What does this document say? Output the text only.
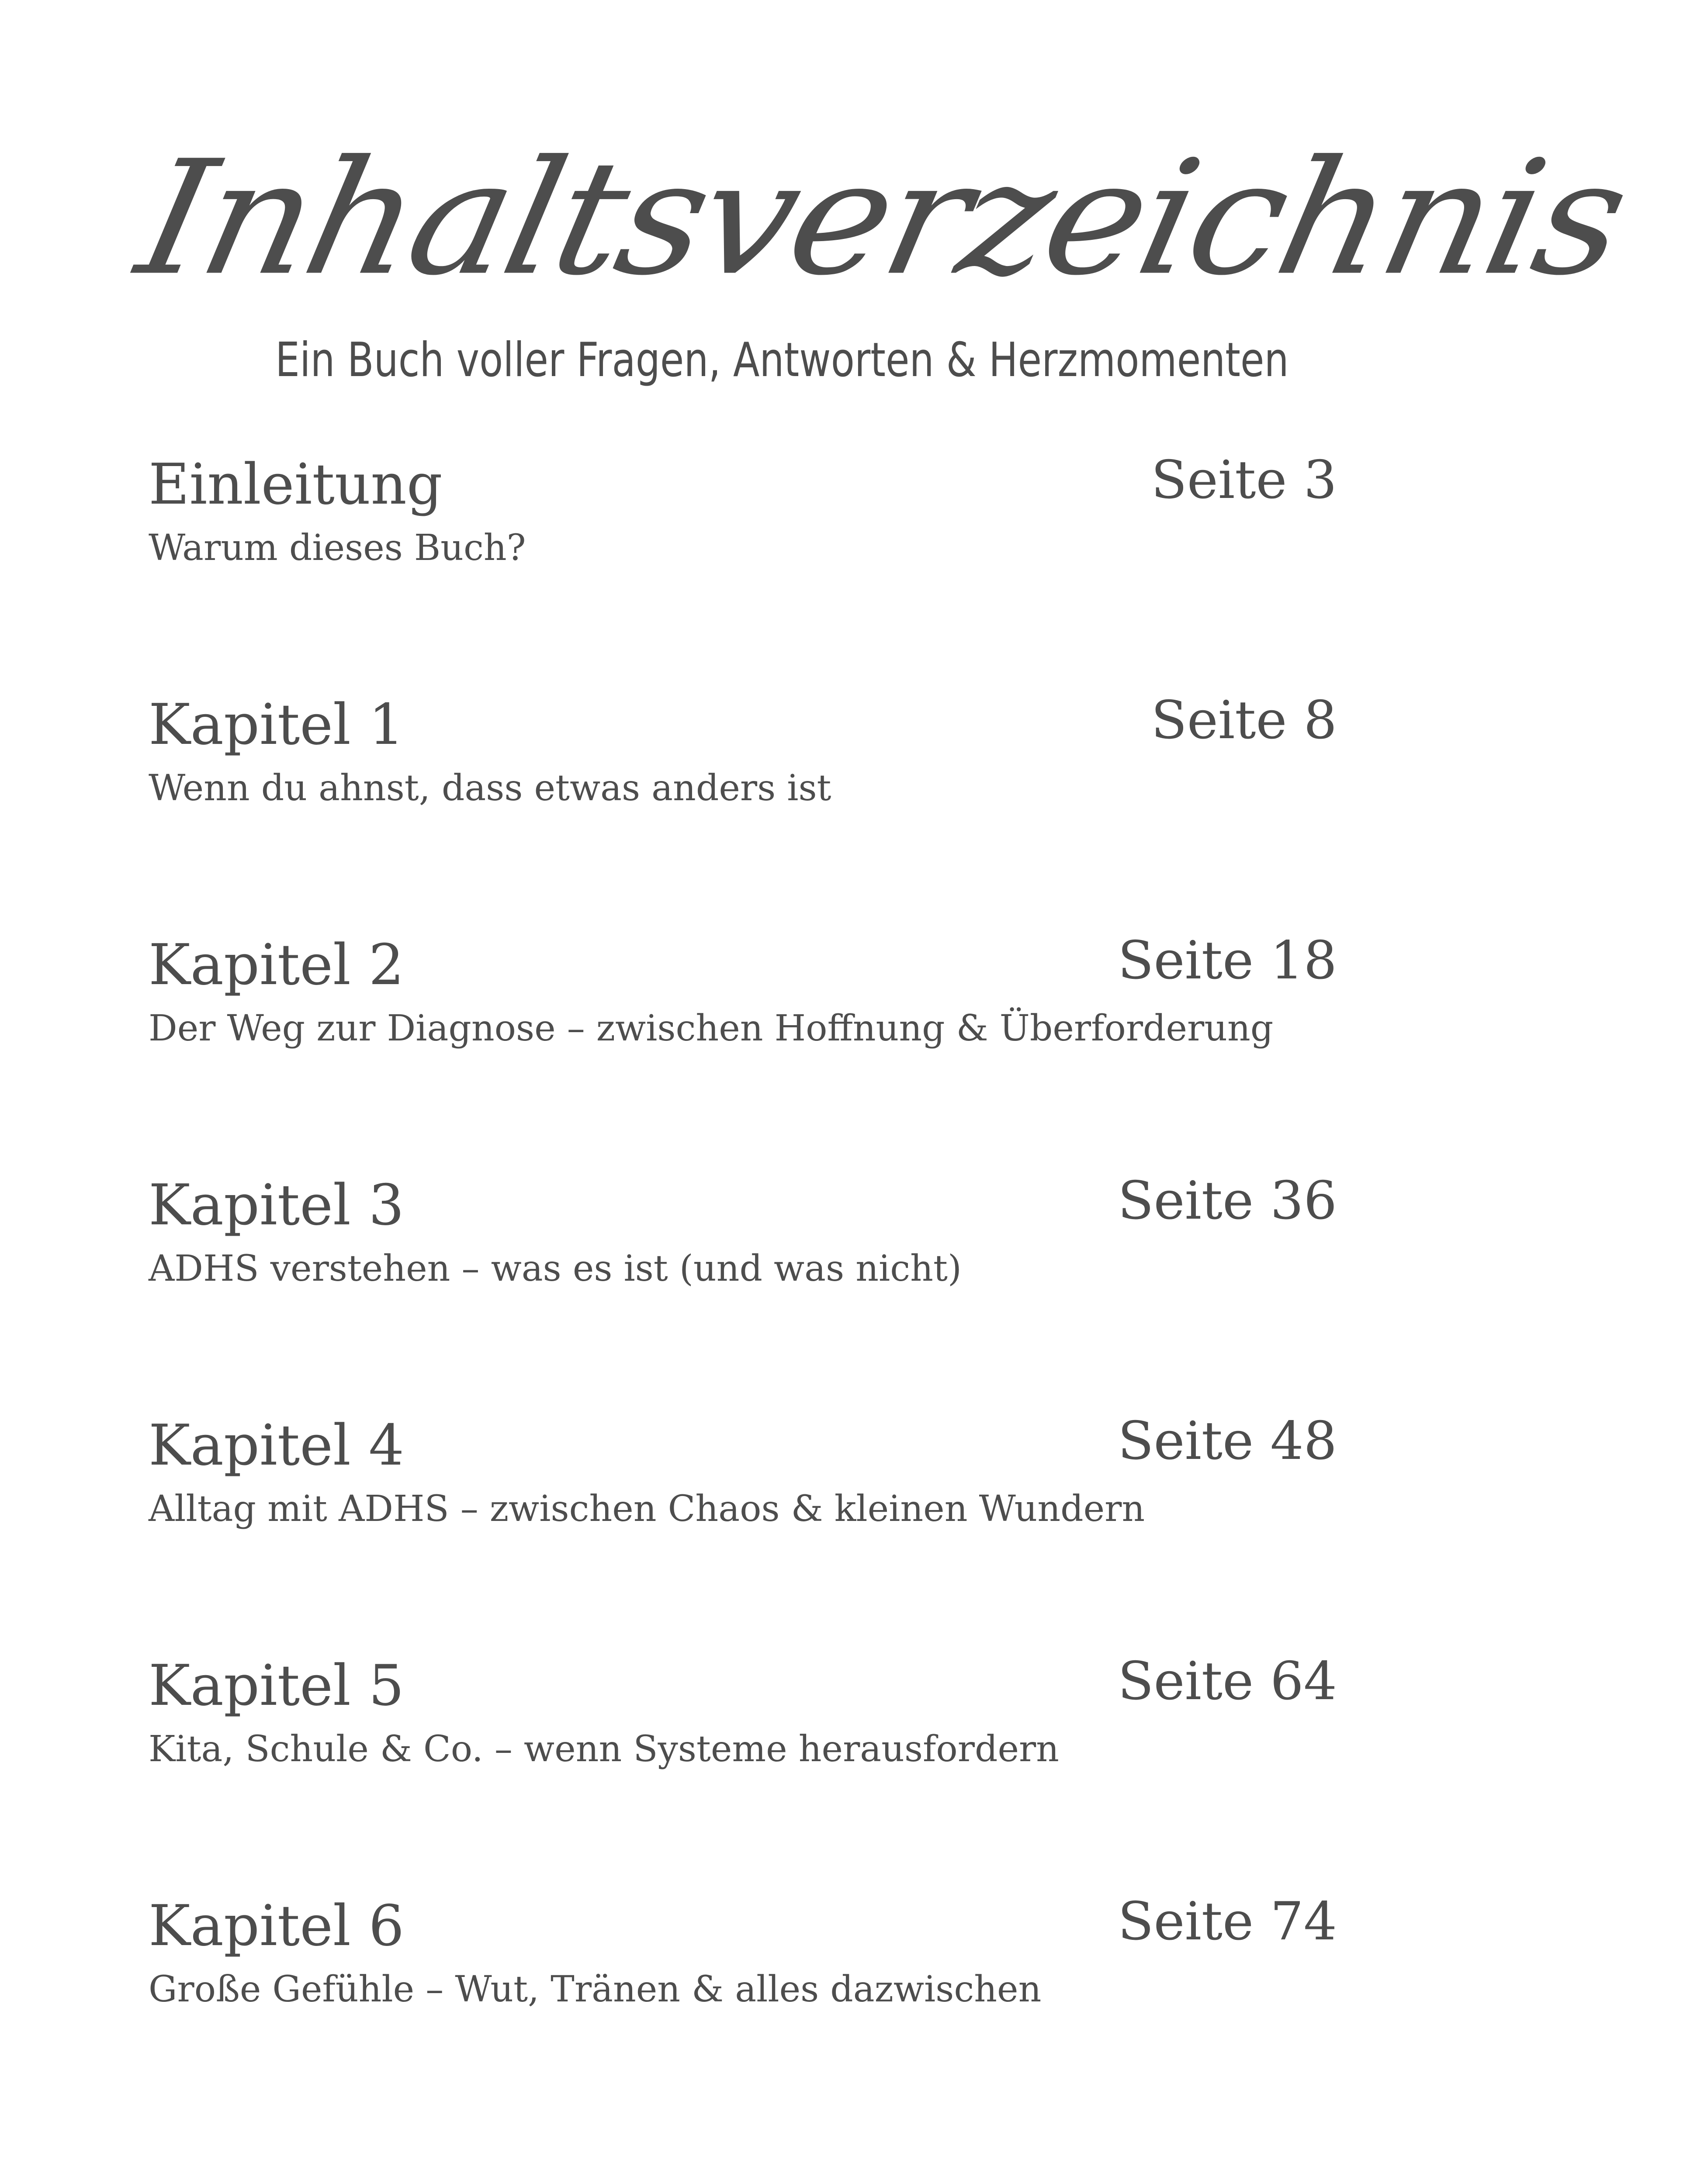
Inhaltsverzeichnis
Ein Buch voller Fragen, Antworten & Herzmomenten
Einleitung	Seite 3
Warum dieses Buch?
Kapitel 1	Seite 8
Wenn du ahnst, dass etwas anders ist
Kapitel 2	Seite 18
Der Weg zur Diagnose – zwischen Hoffnung & Überforderung
Kapitel 3	Seite 36
ADHS verstehen – was es ist (und was nicht)
Kapitel 4	Seite 48
Alltag mit ADHS – zwischen Chaos & kleinen Wundern
Kapitel 5	Seite 64
Kita, Schule & Co. – wenn Systeme herausfordern
Kapitel 6	Seite 74
Große Gefühle – Wut, Tränen & alles dazwischen
